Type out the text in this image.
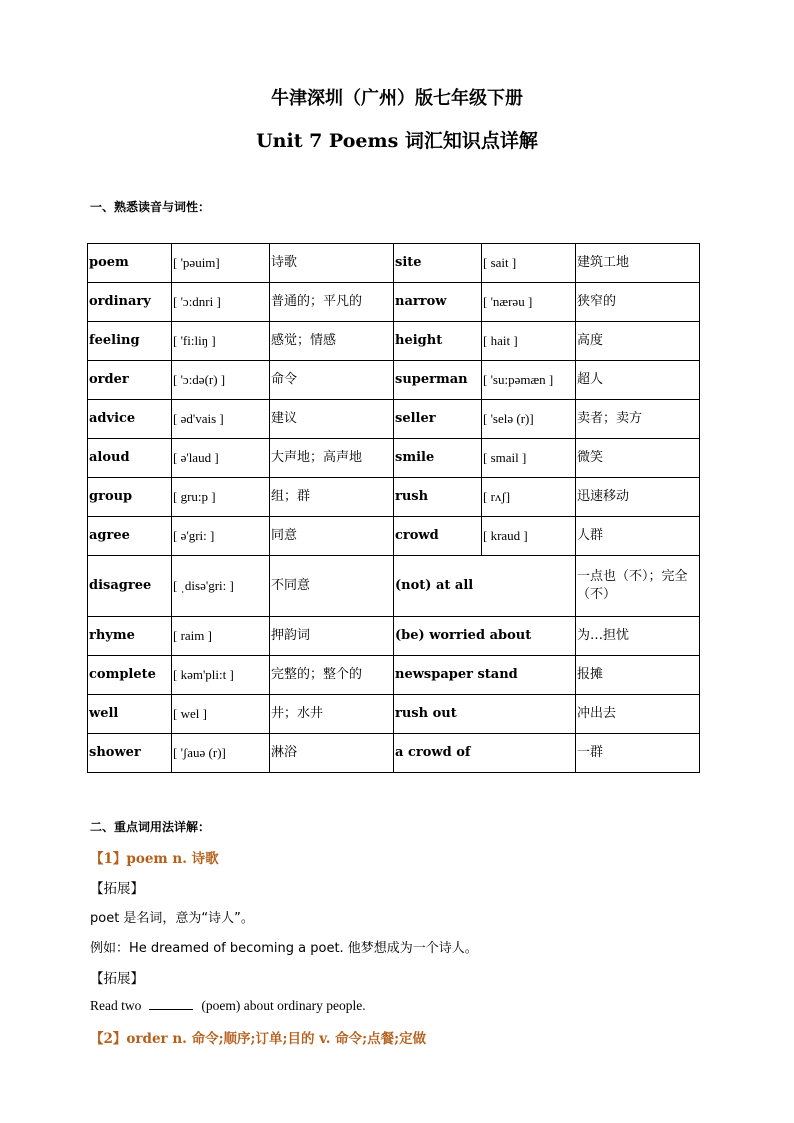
牛津深圳（广州）版七年级下册
Unit 7 Poems 词汇知识点详解
一、熟悉读音与词性：
poem	[ 'pəuim]	诗歌	site	[ sait ]	建筑工地
ordinary	[ 'ɔ:dnri ]	普通的；平凡的	narrow	[ 'nærəu ]	狭窄的
feeling	[ 'fi:liŋ ]	感觉；情感	height	[ hait ]	高度
order	[ 'ɔ:də(r) ]	命令	superman	[ 'su:pəmæn ]	超人
advice	[ əd'vais ]	建议	seller	[ 'selə (r)]	卖者；卖方
aloud	[ ə'laud ]	大声地；高声地	smile	[ smail ]	微笑
group	[ gru:p ]	组；群	rush	[ rʌʃ]	迅速移动
agree	[ ə'gri: ]	同意	crowd	[ kraud ]	人群
disagree	[ ˌdisə'gri: ]	不同意	(not) at all		一点也（不）；完全（不）
rhyme	[ raim ]	押韵词	(be) worried about		为…担忧
complete	[ kəm'pli:t ]	完整的；整个的	newspaper stand		报摊
well	[ wel ]	井；水井	rush out		冲出去
shower	[ 'ʃauə (r)]	淋浴	a crowd of		一群
二、重点词用法详解：
【1】poem n. 诗歌
【拓展】
poet 是名词，意为“诗人”。
例如：He dreamed of becoming a poet. 他梦想成为一个诗人。
【拓展】
Read two	(poem) about ordinary people.
【2】order n. 命令;顺序;订单;目的 v. 命令;点餐;定做
